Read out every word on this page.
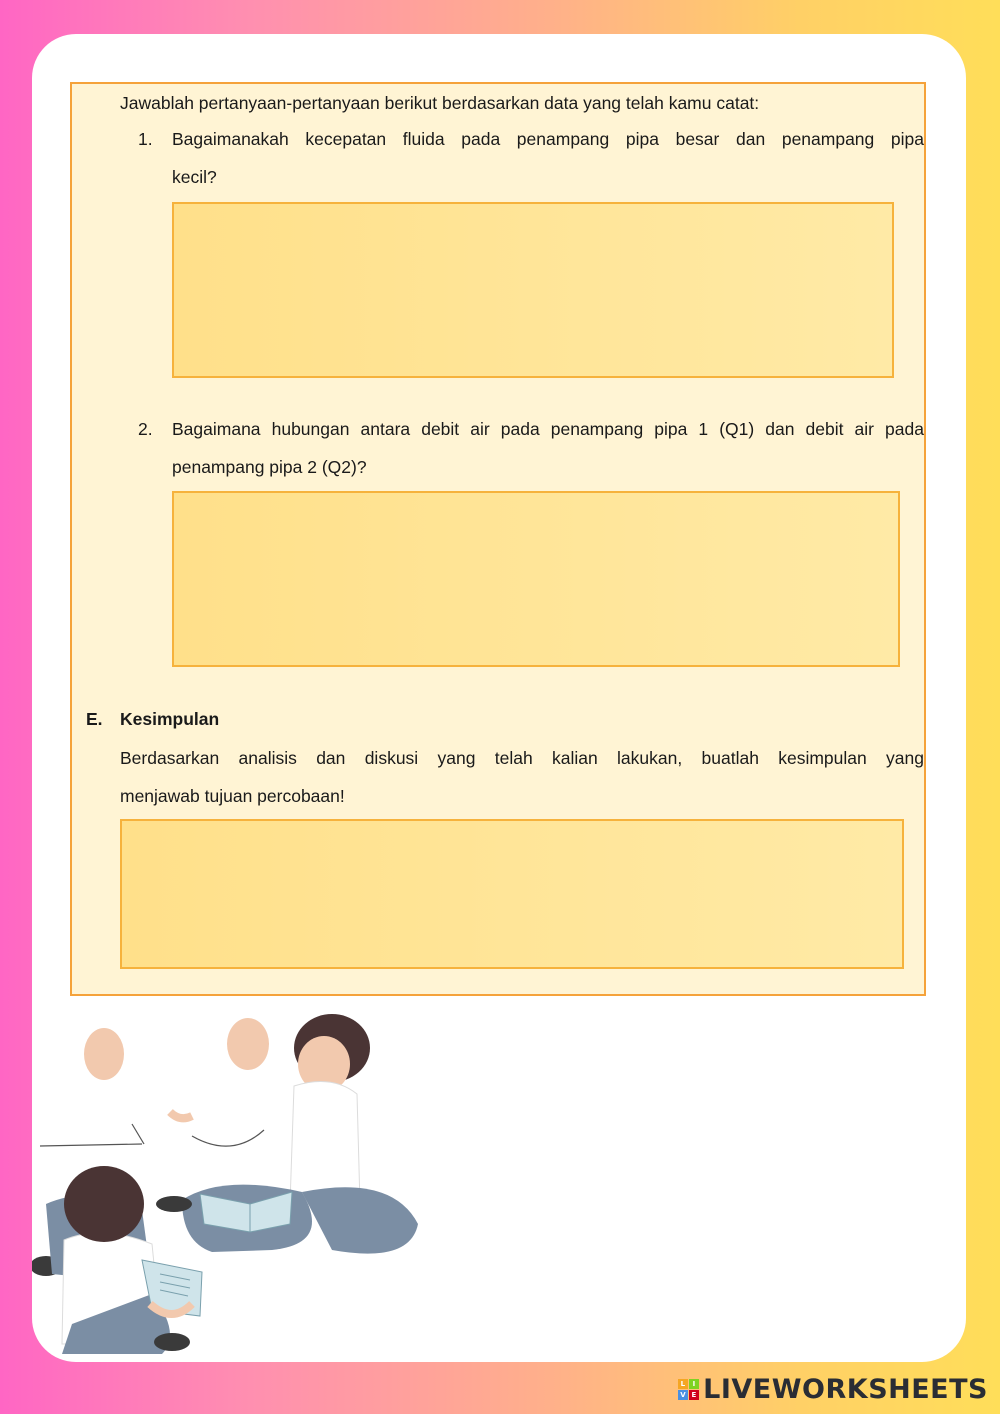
Jawablah pertanyaan-pertanyaan berikut berdasarkan data yang telah kamu catat:
1. Bagaimanakah kecepatan fluida pada penampang pipa besar dan penampang pipa
kecil?
2. Bagaimana hubungan antara debit air pada penampang pipa 1 (Q1) dan debit air pada
penampang pipa 2 (Q2)?
E. Kesimpulan
Berdasarkan analisis dan diskusi yang telah kalian lakukan, buatlah kesimpulan yang
menjawab tujuan percobaan!
L I
V E LIVEWORKSHEETS
